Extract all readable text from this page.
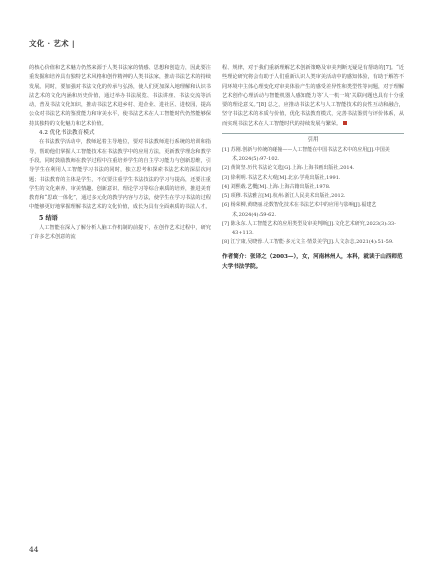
文化 · 艺术 |

的核心价值和艺术魅力仍然来源于人类书法家的情感、思想和创造力，因此要注重发掘和培养具有独特艺术风格和创作精神的人类书法家，推动书法艺术的持续发展。同时，要加强对书法文化的传承与弘扬，使人们更加深入地理解和认识书法艺术的文化内涵和历史价值，通过举办书法展览、书法讲座、书法交流等活动，普及书法文化知识，推动书法艺术进乡村、进企业、进社区、进校园，提高公众对书法艺术的鉴赏能力和审美水平，使书法艺术在人工智能时代仍然能够保持其独特的文化魅力和艺术价值。

4.2 优化书法教育模式

在书法教学活动中，教师起着主导地位，要对书法教师进行系统的培训和指导，帮助他们掌握人工智能技术在书法教学中的应用方法，更新教学理念和教学手段。同时鼓励教师在教学过程中注重培养学生的自主学习能力与创新思维，引导学生在利用人工智能学习书法的同时，独立思考和探索书法艺术的深层次问题；书法教育的主体是学生，不仅要注重学生书法技法的学习与提高，还要注重学生的文化素养、审美情趣、创新意识、理论学习等综合素质的培养，推进美育教育和“思政一体化”，通过多元化的教学内容与方法，使学生在学习书法的过程中能够更好地掌握理解书法艺术的文化价值，成长为具有全面素质的书法人才。

5 结语

人工智能在深入了解分析人脑工作机制的前提下，在创作艺术过程中，研究了许多艺术创意的流

程、规律，对于我们重新理解艺术创新策略及审美判断无疑是有帮助的[7]。“近些理论研究将会有助于人们重新认识人类审美活动中的感知体验，有助于解答不同环境中主体心理变化对审美体验产生的感受差异性和类型性等问题，对于理解艺术创作心理活动与智能机器人感知能力等‘人一机一境’关联问题也具有十分重要的理论意义。”[8] 总之，应推动书法艺术与人工智能技术的良性互动和融合，坚守书法艺术的本质与价值，优化书法教育模式，完善书法鉴赏与评价体系，从而实现书法艺术在人工智能时代的持续发展与繁荣。

引用

[1] 苏刚.创新与传统的碰撞——人工智能在中国书法艺术中的应用[J].中国美术,2024(5):97-102.

[2] 黄简坚.历代书法论文选[G].上海:上海书画出版社,2014.

[3] 徐利明.书法艺术大观[M].北京:学苑出版社,1991.

[4] 刘熙载.艺概[M].上海:上海古籍出版社,1978.

[5] 项穆.书法雅言[M].杭州:浙江人民美术出版社,2012.

[6] 杨荣柳,黄晓丽.论数智化技术在书法艺术中的应用与影响[J].福建艺术,2024(4):59-62.

[7] 陈永东.人工智能艺术的应用类型及审美判断[J].文化艺术研究,2023(3):33-43+113.

[8] 江宁康,吴晓蓉.人工智能·多元文主·情景美学[J].人文杂志,2021(4):51-59.

作者简介：张译之（2003—），女，河南林州人，本科，就读于山西师范大学书法学院。
44
